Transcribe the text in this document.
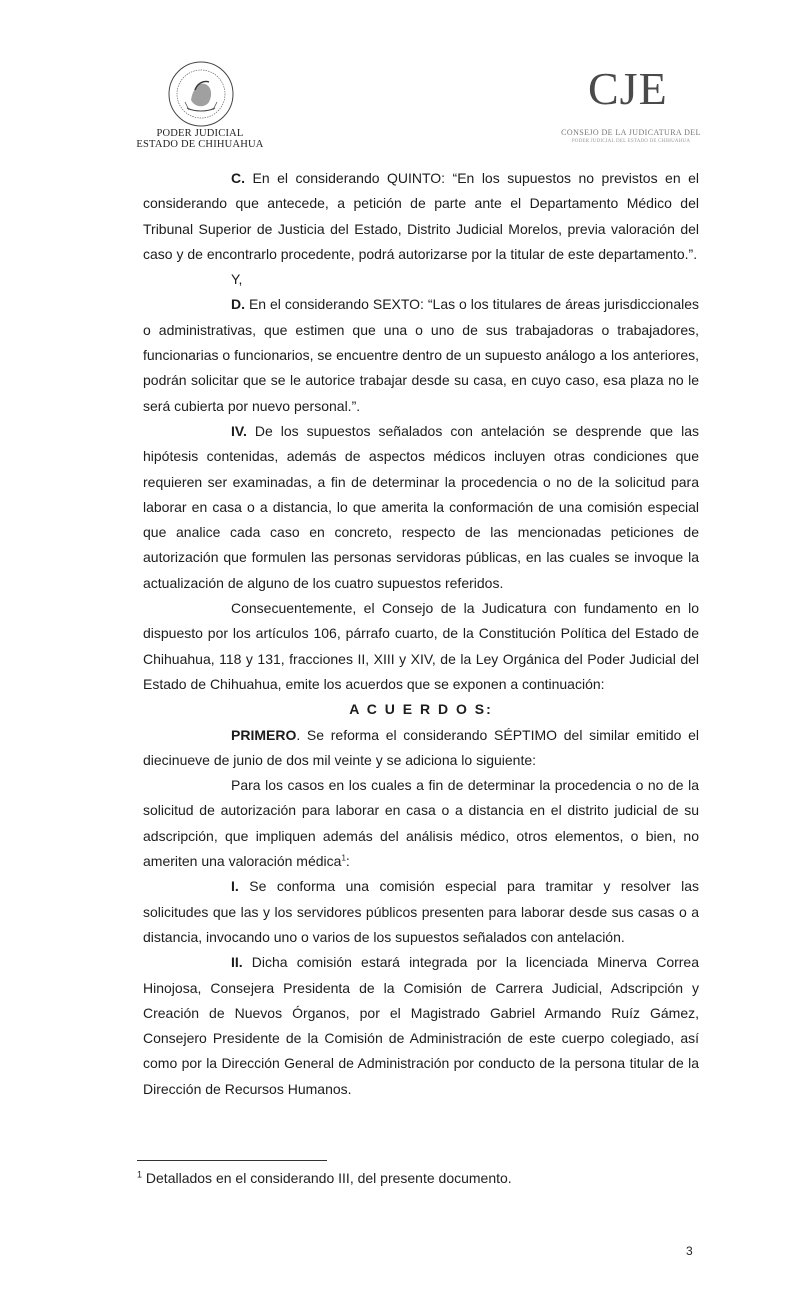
PODER JUDICIAL
ESTADO DE CHIHUAHUA
CJE
CONSEJO DE LA JUDICATURA DEL
PODER JUDICIAL DEL ESTADO DE CHIHUAHUA

C. En el considerando QUINTO: “En los supuestos no previstos en el considerando que antecede, a petición de parte ante el Departamento Médico del Tribunal Superior de Justicia del Estado, Distrito Judicial Morelos, previa valoración del caso y de encontrarlo procedente, podrá autorizarse por la titular de este departamento.”.

Y,

D. En el considerando SEXTO: “Las o los titulares de áreas jurisdiccionales o administrativas, que estimen que una o uno de sus trabajadoras o trabajadores, funcionarias o funcionarios, se encuentre dentro de un supuesto análogo a los anteriores, podrán solicitar que se le autorice trabajar desde su casa, en cuyo caso, esa plaza no le será cubierta por nuevo personal.”.

IV. De los supuestos señalados con antelación se desprende que las hipótesis contenidas, además de aspectos médicos incluyen otras condiciones que requieren ser examinadas, a fin de determinar la procedencia o no de la solicitud para laborar en casa o a distancia, lo que amerita la conformación de una comisión especial que analice cada caso en concreto, respecto de las mencionadas peticiones de autorización que formulen las personas servidoras públicas, en las cuales se invoque la actualización de alguno de los cuatro supuestos referidos.

Consecuentemente, el Consejo de la Judicatura con fundamento en lo dispuesto por los artículos 106, párrafo cuarto, de la Constitución Política del Estado de Chihuahua, 118 y 131, fracciones II, XIII y XIV, de la Ley Orgánica del Poder Judicial del Estado de Chihuahua, emite los acuerdos que se exponen a continuación:

A C U E R D O S:

PRIMERO. Se reforma el considerando SÉPTIMO del similar emitido el diecinueve de junio de dos mil veinte y se adiciona lo siguiente:

Para los casos en los cuales a fin de determinar la procedencia o no de la solicitud de autorización para laborar en casa o a distancia en el distrito judicial de su adscripción, que impliquen además del análisis médico, otros elementos, o bien, no ameriten una valoración médica$^1$:

I. Se conforma una comisión especial para tramitar y resolver las solicitudes que las y los servidores públicos presenten para laborar desde sus casas o a distancia, invocando uno o varios de los supuestos señalados con antelación.

II. Dicha comisión estará integrada por la licenciada Minerva Correa Hinojosa, Consejera Presidenta de la Comisión de Carrera Judicial, Adscripción y Creación de Nuevos Órganos, por el Magistrado Gabriel Armando Ruíz Gámez, Consejero Presidente de la Comisión de Administración de este cuerpo colegiado, así como por la Dirección General de Administración por conducto de la persona titular de la Dirección de Recursos Humanos.

$^1$ Detallados en el considerando III, del presente documento.
3
